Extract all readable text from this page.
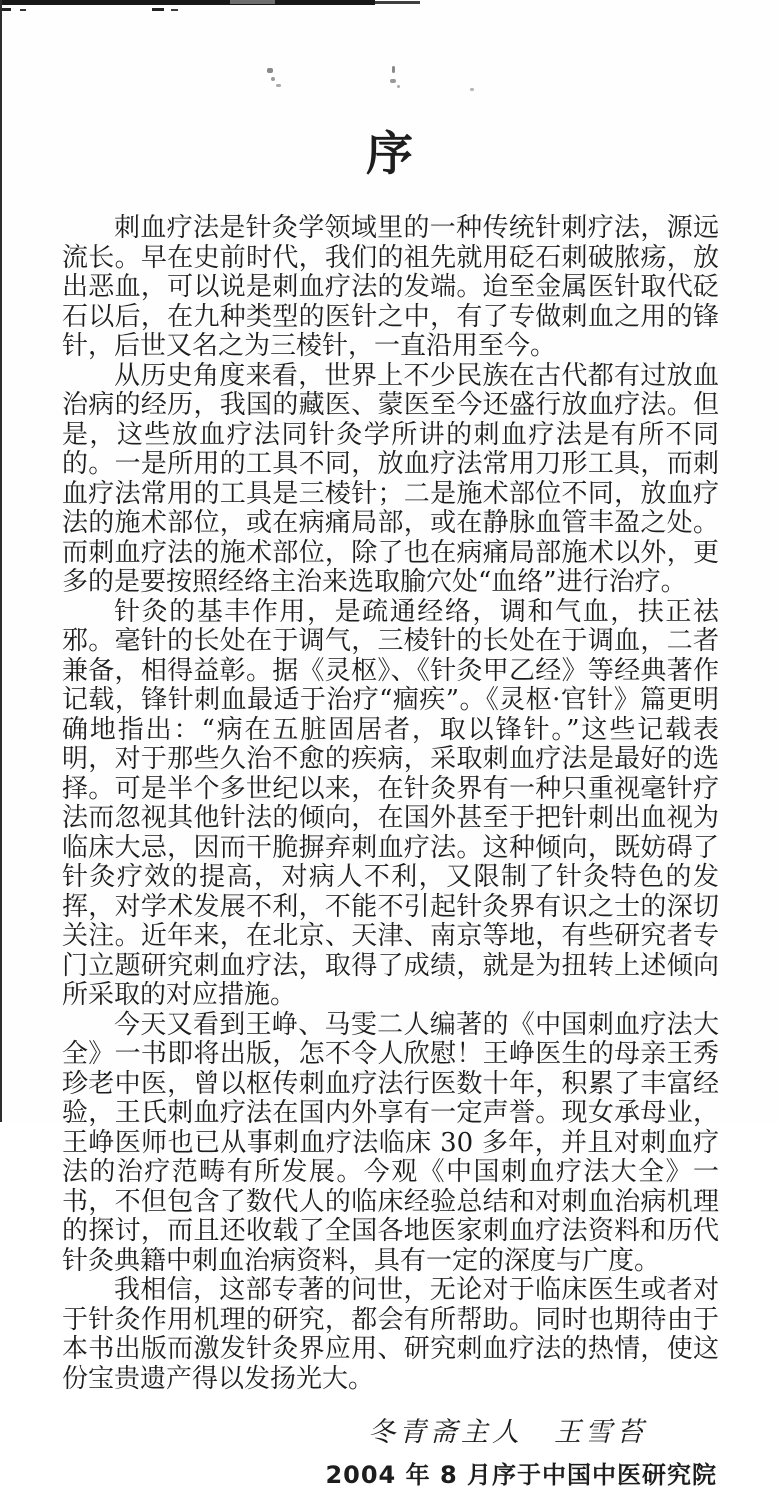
序

刺血疗法是针灸学领域里的一种传统针刺疗法，源远流长。早在史前时代，我们的祖先就用砭石刺破脓疡，放出恶血，可以说是刺血疗法的发端。迨至金属医针取代砭石以后，在九种类型的医针之中，有了专做刺血之用的锋针，后世又名之为三棱针，一直沿用至今。

从历史角度来看，世界上不少民族在古代都有过放血治病的经历，我国的藏医、蒙医至今还盛行放血疗法。但是，这些放血疗法同针灸学所讲的刺血疗法是有所不同的。一是所用的工具不同，放血疗法常用刀形工具，而刺血疗法常用的工具是三棱针；二是施术部位不同，放血疗法的施术部位，或在病痛局部，或在静脉血管丰盈之处。而刺血疗法的施术部位，除了也在病痛局部施术以外，更多的是要按照经络主治来选取腧穴处“血络”进行治疗。

针灸的基丰作用，是疏通经络，调和气血，扶正祛邪。毫针的长处在于调气，三棱针的长处在于调血，二者兼备，相得益彰。据《灵枢》、《针灸甲乙经》等经典著作记载，锋针刺血最适于治疗“痼疾”。《灵枢·官针》篇更明确地指出：“病在五脏固居者，取以锋针。”这些记载表明，对于那些久治不愈的疾病，采取刺血疗法是最好的选择。可是半个多世纪以来，在针灸界有一种只重视毫针疗法而忽视其他针法的倾向，在国外甚至于把针刺出血视为临床大忌，因而干脆摒弃刺血疗法。这种倾向，既妨碍了针灸疗效的提高，对病人不利，又限制了针灸特色的发挥，对学术发展不利，不能不引起针灸界有识之士的深切关注。近年来，在北京、天津、南京等地，有些研究者专门立题研究刺血疗法，取得了成绩，就是为扭转上述倾向所采取的对应措施。

今天又看到王峥、马雯二人编著的《中国刺血疗法大全》一书即将出版，怎不令人欣慰！王峥医生的母亲王秀珍老中医，曾以枢传刺血疗法行医数十年，积累了丰富经验，王氏刺血疗法在国内外享有一定声誉。现女承母业，王峥医师也已从事刺血疗法临床 30 多年，并且对刺血疗法的治疗范畴有所发展。今观《中国刺血疗法大全》一书，不但包含了数代人的临床经验总结和对刺血治病机理的探讨，而且还收载了全国各地医家刺血疗法资料和历代针灸典籍中刺血治病资料，具有一定的深度与广度。

我相信，这部专著的问世，无论对于临床医生或者对于针灸作用机理的研究，都会有所帮助。同时也期待由于本书出版而激发针灸界应用、研究刺血疗法的热情，使这份宝贵遗产得以发扬光大。

冬青斋主人　王雪苔
2004 年 8 月序于中国中医研究院
